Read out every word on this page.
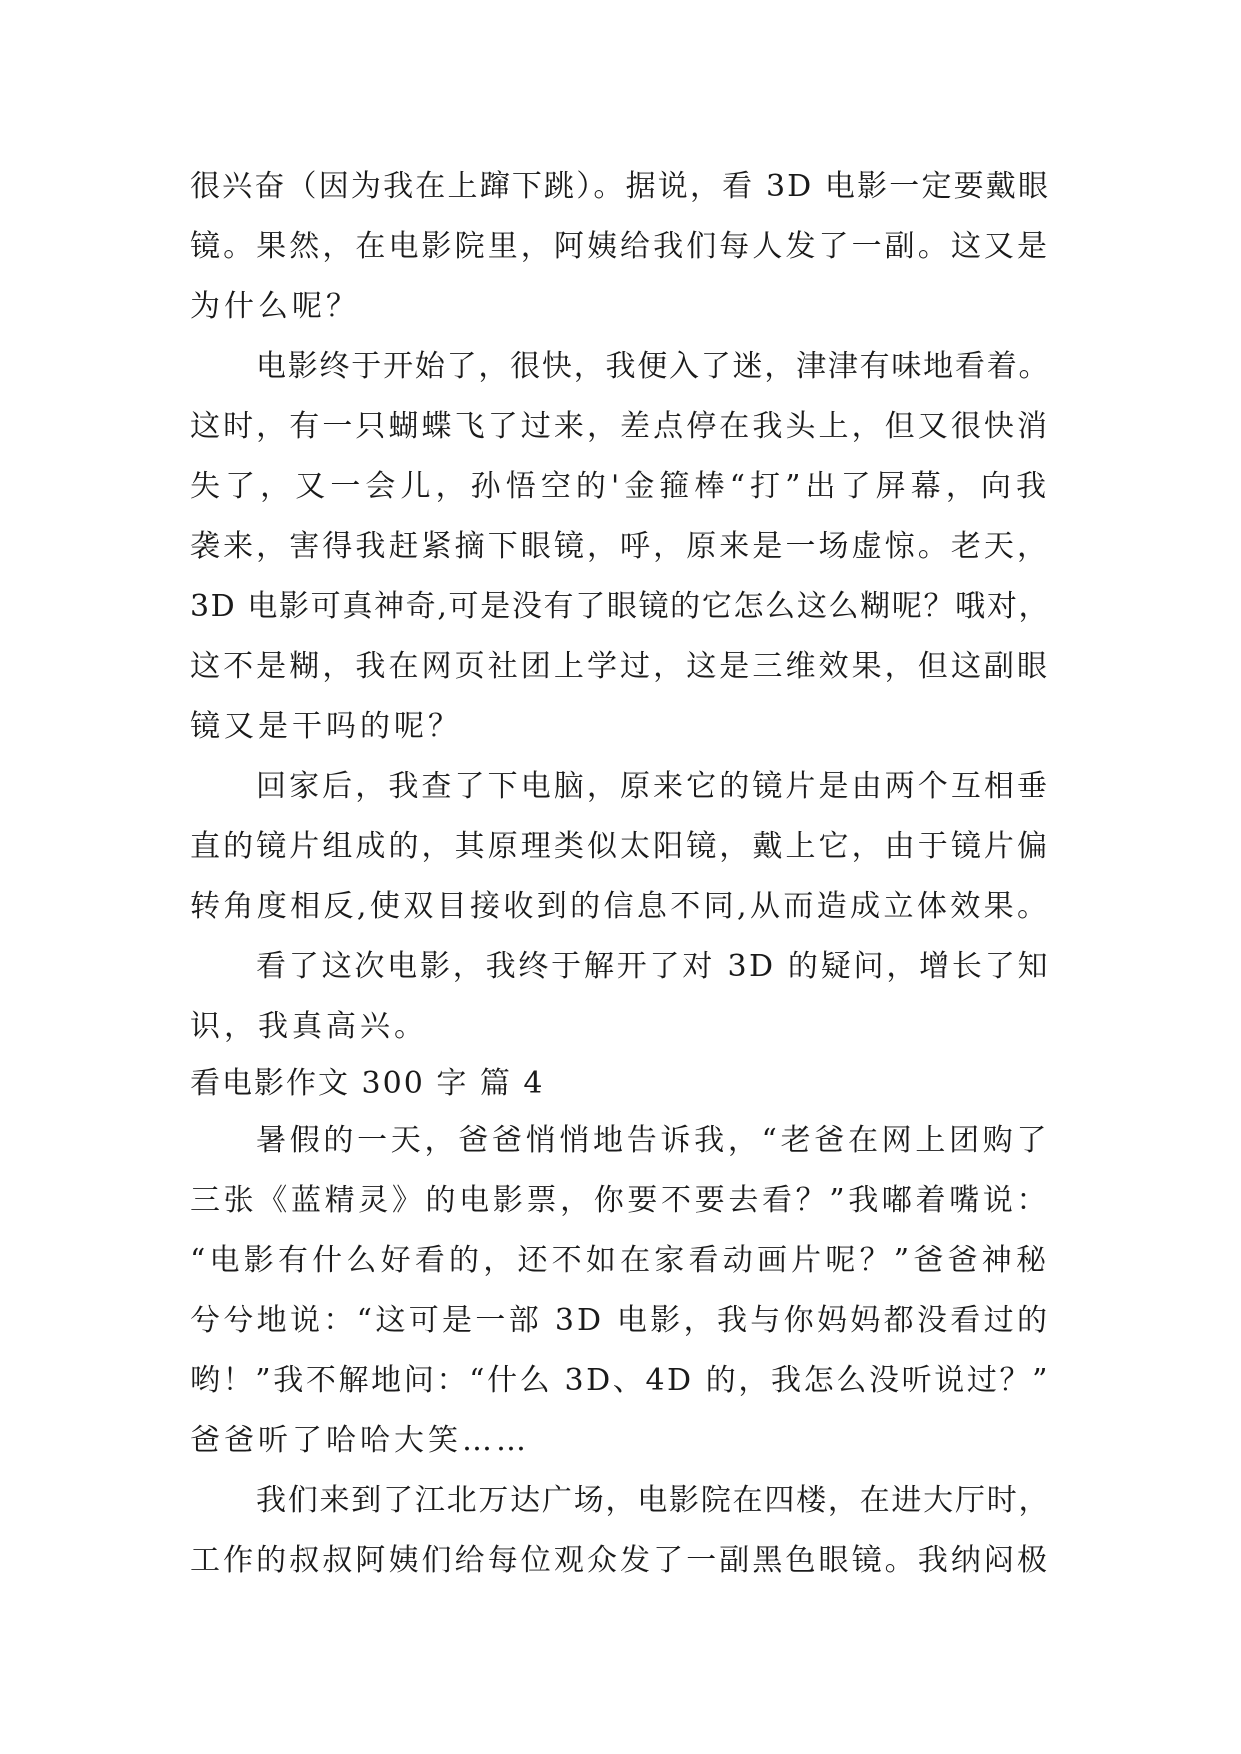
很兴奋（因为我在上蹿下跳）。据说，看 3D 电影一定要戴眼
镜。果然，在电影院里，阿姨给我们每人发了一副。这又是
为什么呢？
电影终于开始了，很快，我便入了迷，津津有味地看着。
这时，有一只蝴蝶飞了过来，差点停在我头上，但又很快消
失了，又一会儿，孙悟空的'金箍棒“打”出了屏幕，向我
袭来，害得我赶紧摘下眼镜，呼，原来是一场虚惊。老天，
3D 电影可真神奇,可是没有了眼镜的它怎么这么糊呢？哦对，
这不是糊，我在网页社团上学过，这是三维效果，但这副眼
镜又是干吗的呢？
回家后，我查了下电脑，原来它的镜片是由两个互相垂
直的镜片组成的，其原理类似太阳镜，戴上它，由于镜片偏
转角度相反,使双目接收到的信息不同,从而造成立体效果。
看了这次电影，我终于解开了对 3D 的疑问，增长了知
识，我真高兴。
看电影作文 300 字 篇 4
暑假的一天，爸爸悄悄地告诉我，“老爸在网上团购了
三张《蓝精灵》的电影票，你要不要去看？”我嘟着嘴说：
“电影有什么好看的，还不如在家看动画片呢？”爸爸神秘
兮兮地说：“这可是一部 3D 电影，我与你妈妈都没看过的
哟！”我不解地问：“什么 3D、4D 的，我怎么没听说过？”
爸爸听了哈哈大笑……
我们来到了江北万达广场，电影院在四楼，在进大厅时，
工作的叔叔阿姨们给每位观众发了一副黑色眼镜。我纳闷极
